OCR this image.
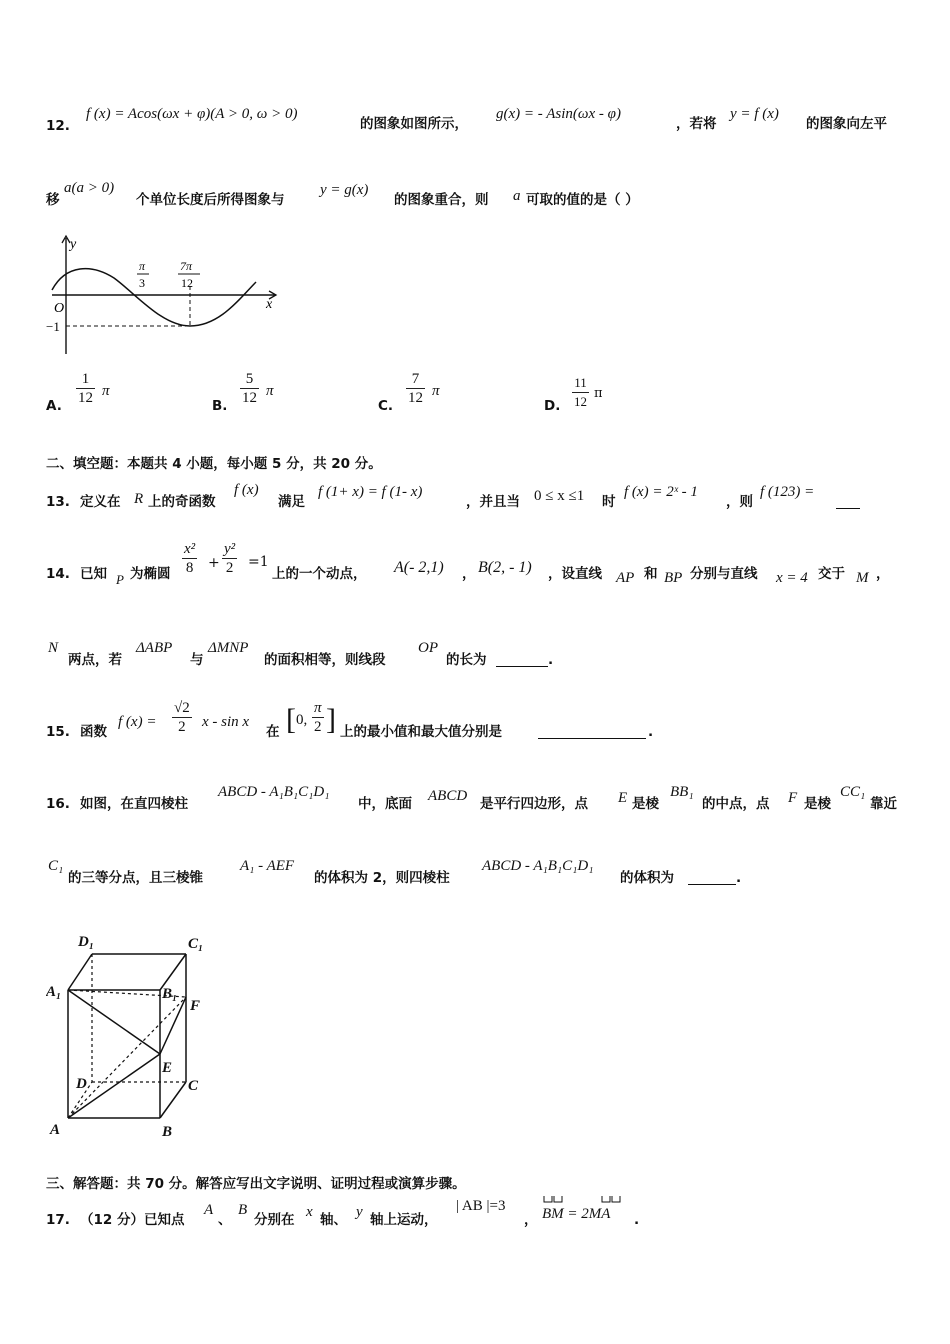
12.
f (x) = Acos(ωx + φ)(A > 0, ω > 0)
的图象如图所示，
g(x) = - Asin(ωx - φ)
，若将
y = f (x)
的图象向左平
移
a(a > 0)
个单位长度后所得图象与
y = g(x)
的图象重合，则 a 可取的值的是（ ）
y
x
O
−1
π
3
7π
12
A. $\frac{1}{12}$ π
B. $\frac{5}{12}$ π
C. $\frac{7}{12}$ π
D. $\frac{11}{12}$ π
二、填空题：本题共 4 小题，每小题 5 分，共 20 分。
13. 定义在 R 上的奇函数
f (x)
满足
f (1+ x) = f (1- x)
，并且当 0 ≤ x ≤1 时
f (x) = 2ˣ - 1
，则
f (123) =
14. 已知 P 为椭圆 $\frac{\text{x²}}{8} + \frac{\text{y²}}{2} =1$
上的一个动点， A(- 2,1) ， B(2, - 1) ，设直线 AP 和 BP 分别与直线 x = 4 交于 M ，
N
两点，若
ΔABP
与
ΔMNP
的面积相等，则线段
OP
的长为	.
15. 函数
f $(x) = \frac{√2}{2}$ x - sin x
在 [ 0, $\frac{\pi}{2}$ ] 上的最小值和最大值分别是	.
16. 如图，在直四棱柱
ABCD - A₁B₁C₁D₁
中，底面 ABCD 是平行四边形，点 E 是棱
BB₁
的中点，点 F 是棱
CC₁
靠近
C₁
的三等分点，且三棱锥
A₁ - AEF
的体积为 2，则四棱柱
ABCD - A₁B₁C₁D₁
的体积为	.
D₁	C₁
A₁	B₁
F
E
D	C
A	B
三、解答题：共 70 分。解答应写出文字说明、证明过程或演算步骤。
17. （12 分）已知点
A
、
B
分别在 x 轴、 y 轴上运动，
| AB |=3
， BM = 2MA .
